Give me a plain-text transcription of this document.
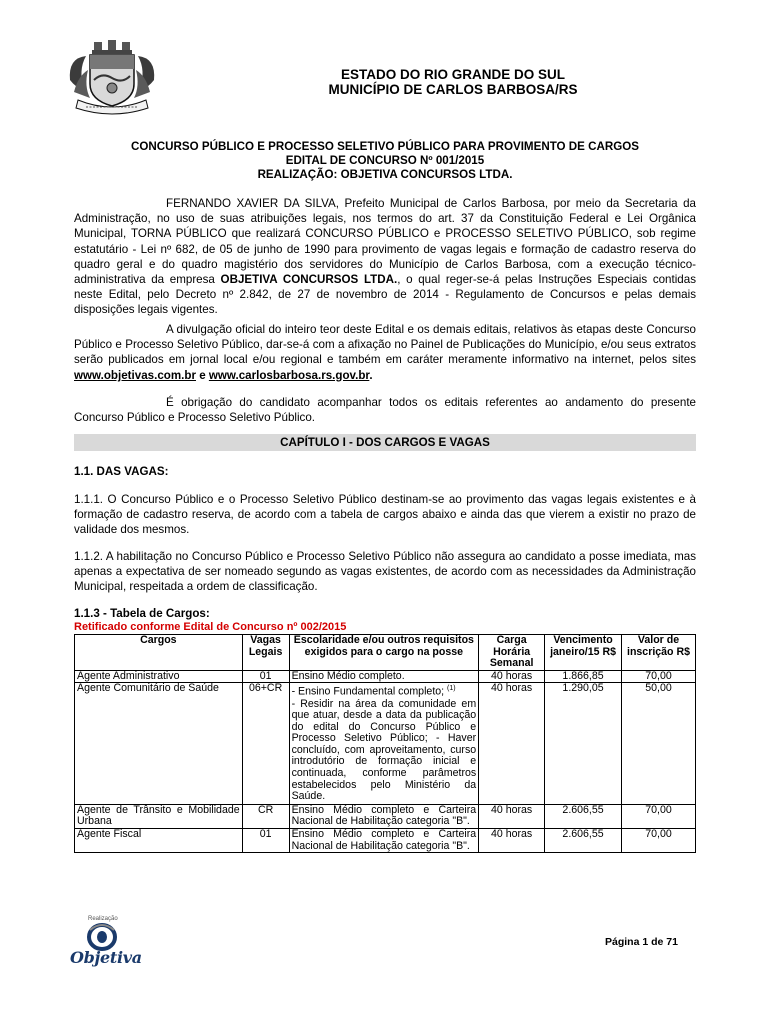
ESTADO DO RIO GRANDE DO SUL
MUNICÍPIO DE CARLOS BARBOSA/RS
CONCURSO PÚBLICO E PROCESSO SELETIVO PÚBLICO PARA PROVIMENTO DE CARGOS
EDITAL DE CONCURSO Nº 001/2015
REALIZAÇÃO: OBJETIVA CONCURSOS LTDA.
FERNANDO XAVIER DA SILVA, Prefeito Municipal de Carlos Barbosa, por meio da Secretaria da Administração, no uso de suas atribuições legais, nos termos do art. 37 da Constituição Federal e Lei Orgânica Municipal, TORNA PÚBLICO que realizará CONCURSO PÚBLICO e PROCESSO SELETIVO PÚBLICO, sob regime estatutário - Lei nº 682, de 05 de junho de 1990 para provimento de vagas legais e formação de cadastro reserva do quadro geral e do quadro magistério dos servidores do Município de Carlos Barbosa, com a execução técnico-administrativa da empresa OBJETIVA CONCURSOS LTDA., o qual reger-se-á pelas Instruções Especiais contidas neste Edital, pelo Decreto nº 2.842, de 27 de novembro de 2014 - Regulamento de Concursos e pelas demais disposições legais vigentes.
A divulgação oficial do inteiro teor deste Edital e os demais editais, relativos às etapas deste Concurso Público e Processo Seletivo Público, dar-se-á com a afixação no Painel de Publicações do Município, e/ou seus extratos serão publicados em jornal local e/ou regional e também em caráter meramente informativo na internet, pelos sites www.objetivas.com.br e www.carlosbarbosa.rs.gov.br.
É obrigação do candidato acompanhar todos os editais referentes ao andamento do presente Concurso Público e Processo Seletivo Público.
CAPÍTULO I - DOS CARGOS E VAGAS
1.1. DAS VAGAS:
1.1.1. O Concurso Público e o Processo Seletivo Público destinam-se ao provimento das vagas legais existentes e à formação de cadastro reserva, de acordo com a tabela de cargos abaixo e ainda das que vierem a existir no prazo de validade dos mesmos.
1.1.2. A habilitação no Concurso Público e Processo Seletivo Público não assegura ao candidato a posse imediata, mas apenas a expectativa de ser nomeado segundo as vagas existentes, de acordo com as necessidades da Administração Municipal, respeitada a ordem de classificação.
1.1.3 - Tabela de Cargos:
Retificado conforme Edital de Concurso nº 002/2015
Cargos	Vagas Legais	Escolaridade e/ou outros requisitos exigidos para o cargo na posse	Carga Horária Semanal	Vencimento janeiro/15 R$	Valor de inscrição R$
Agente Administrativo	01	Ensino Médio completo.	40 horas	1.866,85	70,00
Agente Comunitário de Saúde	06+CR	- Ensino Fundamental completo; $^{(1)}$
- Residir na área da comunidade em que atuar, desde a data da publicação do edital do Concurso Público e Processo Seletivo Público; - Haver concluído, com aproveitamento, curso introdutório de formação inicial e continuada, conforme parâmetros estabelecidos pelo Ministério da Saúde.	40 horas	1.290,05	50,00
Agente de Trânsito e Mobilidade Urbana	CR	Ensino Médio completo e Carteira Nacional de Habilitação categoria "B".	40 horas	2.606,55	70,00
Agente Fiscal	01	Ensino Médio completo e Carteira Nacional de Habilitação categoria "B".	40 horas	2.606,55	70,00
Realização
Objetiva
Página 1 de 71
